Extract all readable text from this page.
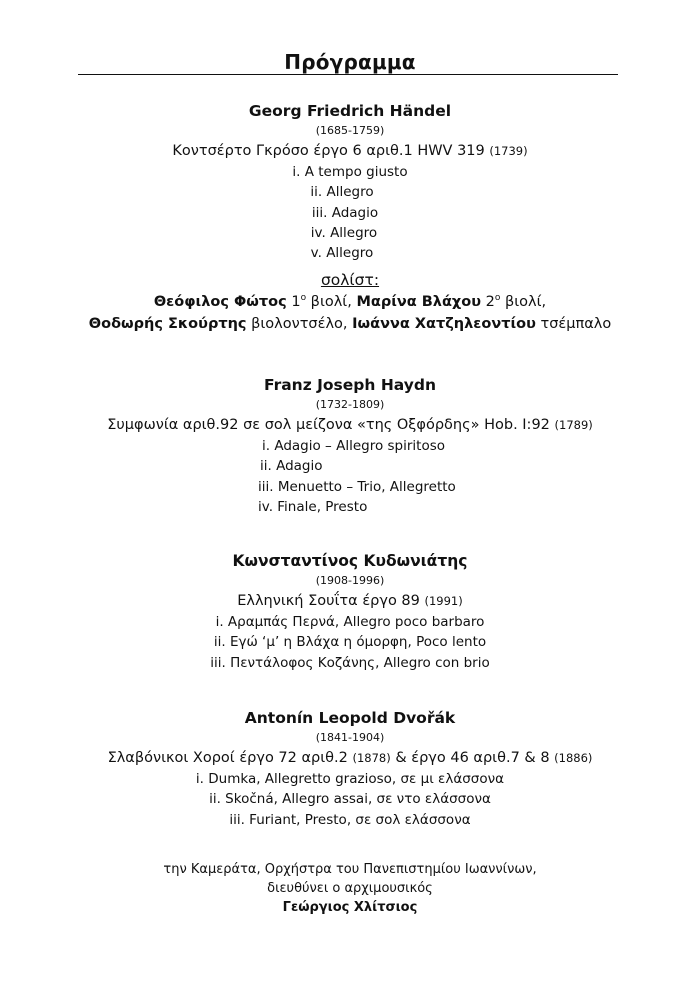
Πρόγραμμα
Georg Friedrich Händel
(1685-1759)
Κοντσέρτο Γκρόσο έργο 6 αριθ.1 HWV 319 (1739)
i. A tempo giusto
ii. Allegro
iii. Adagio
iv. Allegro
v. Allegro
σολίστ:
Θεόφιλος Φώτος $1^o$ βιολί, Μαρίνα Βλάχου $2^o$ βιολί,
Θοδωρής Σκούρτης βιολοντσέλο, Ιωάννα Χατζηλεοντίου τσέμπαλο
Franz Joseph Haydn
(1732-1809)
Συμφωνία αριθ.92 σε σολ μείζονα «της Οξφόρδης» Hob. I:92 (1789)
i. Adagio – Allegro spiritoso
ii. Adagio
iii. Menuetto – Trio, Allegretto
iv. Finale, Presto
Κωνσταντίνος Κυδωνιάτης
(1908-1996)
Ελληνική Σουΐτα έργο 89 (1991)
i. Αραμπάς Περνά, Allegro poco barbaro
ii. Εγώ ‘μ’ η Βλάχα η όμορφη, Poco lento
iii. Πεντάλοφος Κοζάνης, Allegro con brio
Antonín Leopold Dvořák
(1841-1904)
Σλαβόνικοι Χοροί έργο 72 αριθ.2 (1878) & έργο 46 αριθ.7 & 8 (1886)
i. Dumka, Allegretto grazioso, σε μι ελάσσονα
ii. Skočná, Allegro assai, σε ντο ελάσσονα
iii. Furiant, Presto, σε σολ ελάσσονα
την Καμεράτα, Ορχήστρα του Πανεπιστημίου Ιωαννίνων,
διευθύνει ο αρχιμουσικός
Γεώργιος Χλίτσιος
